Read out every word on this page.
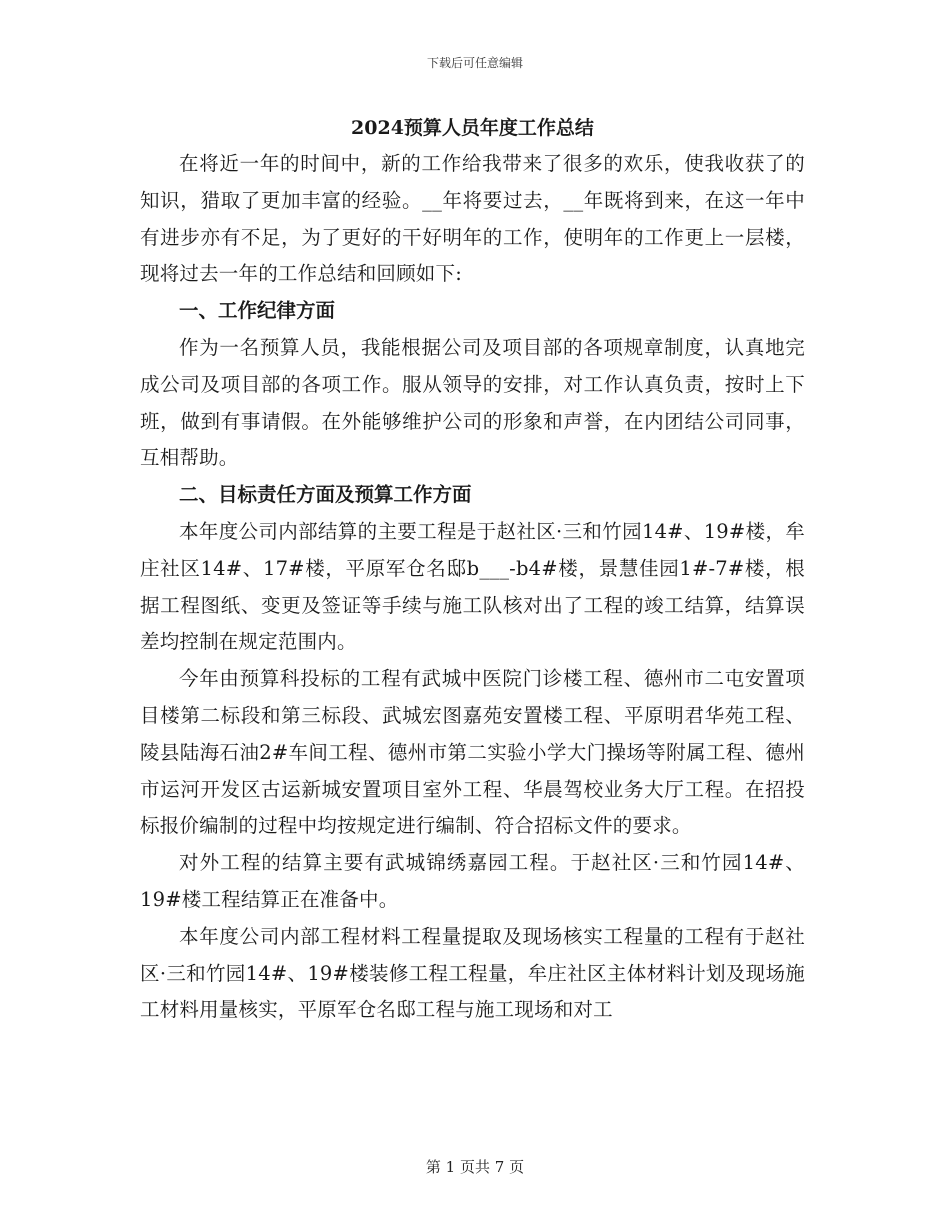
下载后可任意编辑
2024预算人员年度工作总结

在将近一年的时间中，新的工作给我带来了很多的欢乐，使我收获了的知识，猎取了更加丰富的经验。__年将要过去，__年既将到来，在这一年中有进步亦有不足，为了更好的干好明年的工作，使明年的工作更上一层楼，现将过去一年的工作总结和回顾如下:

一、工作纪律方面

作为一名预算人员，我能根据公司及项目部的各项规章制度，认真地完成公司及项目部的各项工作。服从领导的安排，对工作认真负责，按时上下班，做到有事请假。在外能够维护公司的形象和声誉，在内团结公司同事，互相帮助。

二、目标责任方面及预算工作方面

本年度公司内部结算的主要工程是于赵社区·三和竹园14#、19#楼，牟庄社区14#、17#楼，平原军仓名邸b___-b4#楼，景慧佳园1#-7#楼，根据工程图纸、变更及签证等手续与施工队核对出了工程的竣工结算，结算误差均控制在规定范围内。

今年由预算科投标的工程有武城中医院门诊楼工程、德州市二屯安置项目楼第二标段和第三标段、武城宏图嘉苑安置楼工程、平原明君华苑工程、陵县陆海石油2#车间工程、德州市第二实验小学大门操场等附属工程、德州市运河开发区古运新城安置项目室外工程、华晨驾校业务大厅工程。在招投标报价编制的过程中均按规定进行编制、符合招标文件的要求。

对外工程的结算主要有武城锦绣嘉园工程。于赵社区·三和竹园14#、19#楼工程结算正在准备中。

本年度公司内部工程材料工程量提取及现场核实工程量的工程有于赵社区·三和竹园14#、19#楼装修工程工程量，牟庄社区主体材料计划及现场施工材料用量核实，平原军仓名邸工程与施工现场和对工

第 1 页共 7 页
